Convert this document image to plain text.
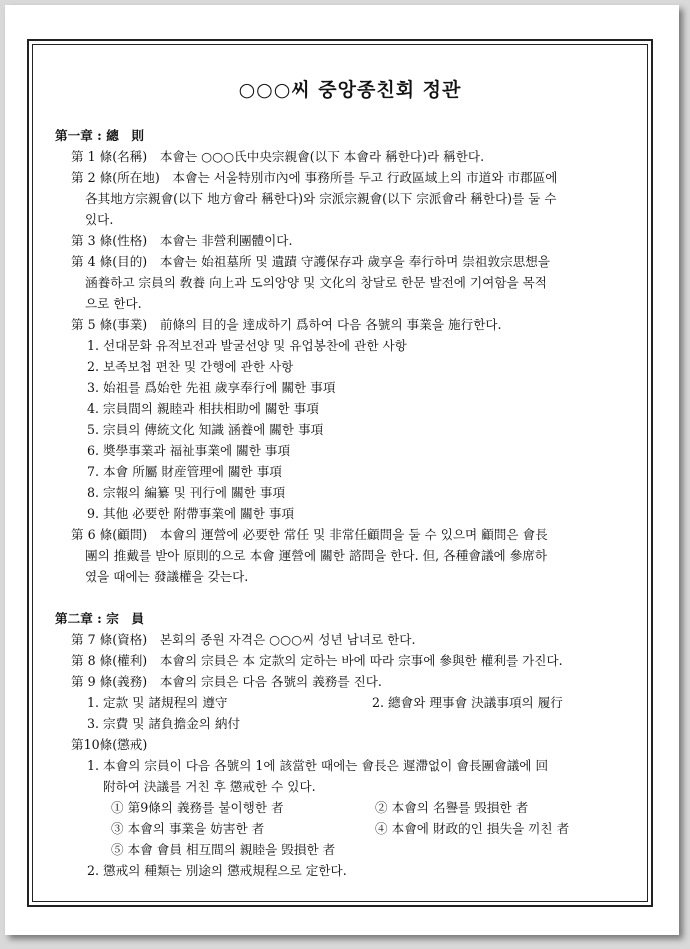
○○○씨 중앙종친회 정관
第一章 : 總　則
第 1 條(名稱)　本會는 ○○○氏中央宗親會(以下 本會라 稱한다)라 稱한다.
第 2 條(所在地)　本會는 서울特別市內에 事務所를 두고 行政區域上의 市道와 市郡區에
各其地方宗親會(以下 地方會라 稱한다)와 宗派宗親會(以下 宗派會라 稱한다)를 둘 수
있다.
第 3 條(性格)　本會는 非營利團體이다.
第 4 條(目的)　本會는 始祖墓所 및 遺蹟 守護保存과 歲享을 奉行하며 崇祖敦宗思想을
涵養하고 宗員의 敎養 向上과 도의앙양 및 文化의 창달로 한문 발전에 기여함을 목적
으로 한다.
第 5 條(事業)　前條의 目的을 達成하기 爲하여 다음 各號의 事業을 施行한다.
1. 선대문화 유적보전과 발굴선양 및 유업봉찬에 관한 사항
2. 보족보첩 편찬 및 간행에 관한 사항
3. 始祖를 爲始한 先祖 歲享奉行에 關한 事項
4. 宗員間의 親睦과 相扶相助에 關한 事項
5. 宗員의 傳統文化 知識 涵養에 關한 事項
6. 奬學事業과 福祉事業에 關한 事項
7. 本會 所屬 財産管理에 關한 事項
8. 宗報의 編纂 및 刊行에 關한 事項
9. 其他 必要한 附帶事業에 關한 事項
第 6 條(顧問)　本會의 運營에 必要한 常任 및 非常任顧問을 둘 수 있으며 顧問은 會長
團의 推戴를 받아 原則的으로 本會 運營에 關한 諮問을 한다. 但, 各種會議에 參席하
였을 때에는 發議權을 갖는다.
第二章 : 宗　員
第 7 條(資格)　본회의 종원 자격은 ○○○씨 성년 남녀로 한다.
第 8 條(權利)　本會의 宗員은 本 定款의 定하는 바에 따라 宗事에 參與한 權利를 가진다.
第 9 條(義務)　本會의 宗員은 다음 各號의 義務를 진다.
1. 定款 및 諸規程의 遵守	2. 總會와 理事會 決議事項의 履行
3. 宗費 및 諸負擔金의 納付
第10條(懲戒)
1. 本會의 宗員이 다음 各號의 1에 該當한 때에는 會長은 遲滯없이 會長團會議에 回
附하여 決議를 거친 후 懲戒한 수 있다.
① 第9條의 義務를 불이행한 者	② 本會의 名譽를 毁損한 者
③ 本會의 事業을 妨害한 者	④ 本會에 財政的인 損失을 끼친 者
⑤ 本會 會員 相互間의 親睦을 毁損한 者
2. 懲戒의 種類는 別途의 懲戒規程으로 定한다.
